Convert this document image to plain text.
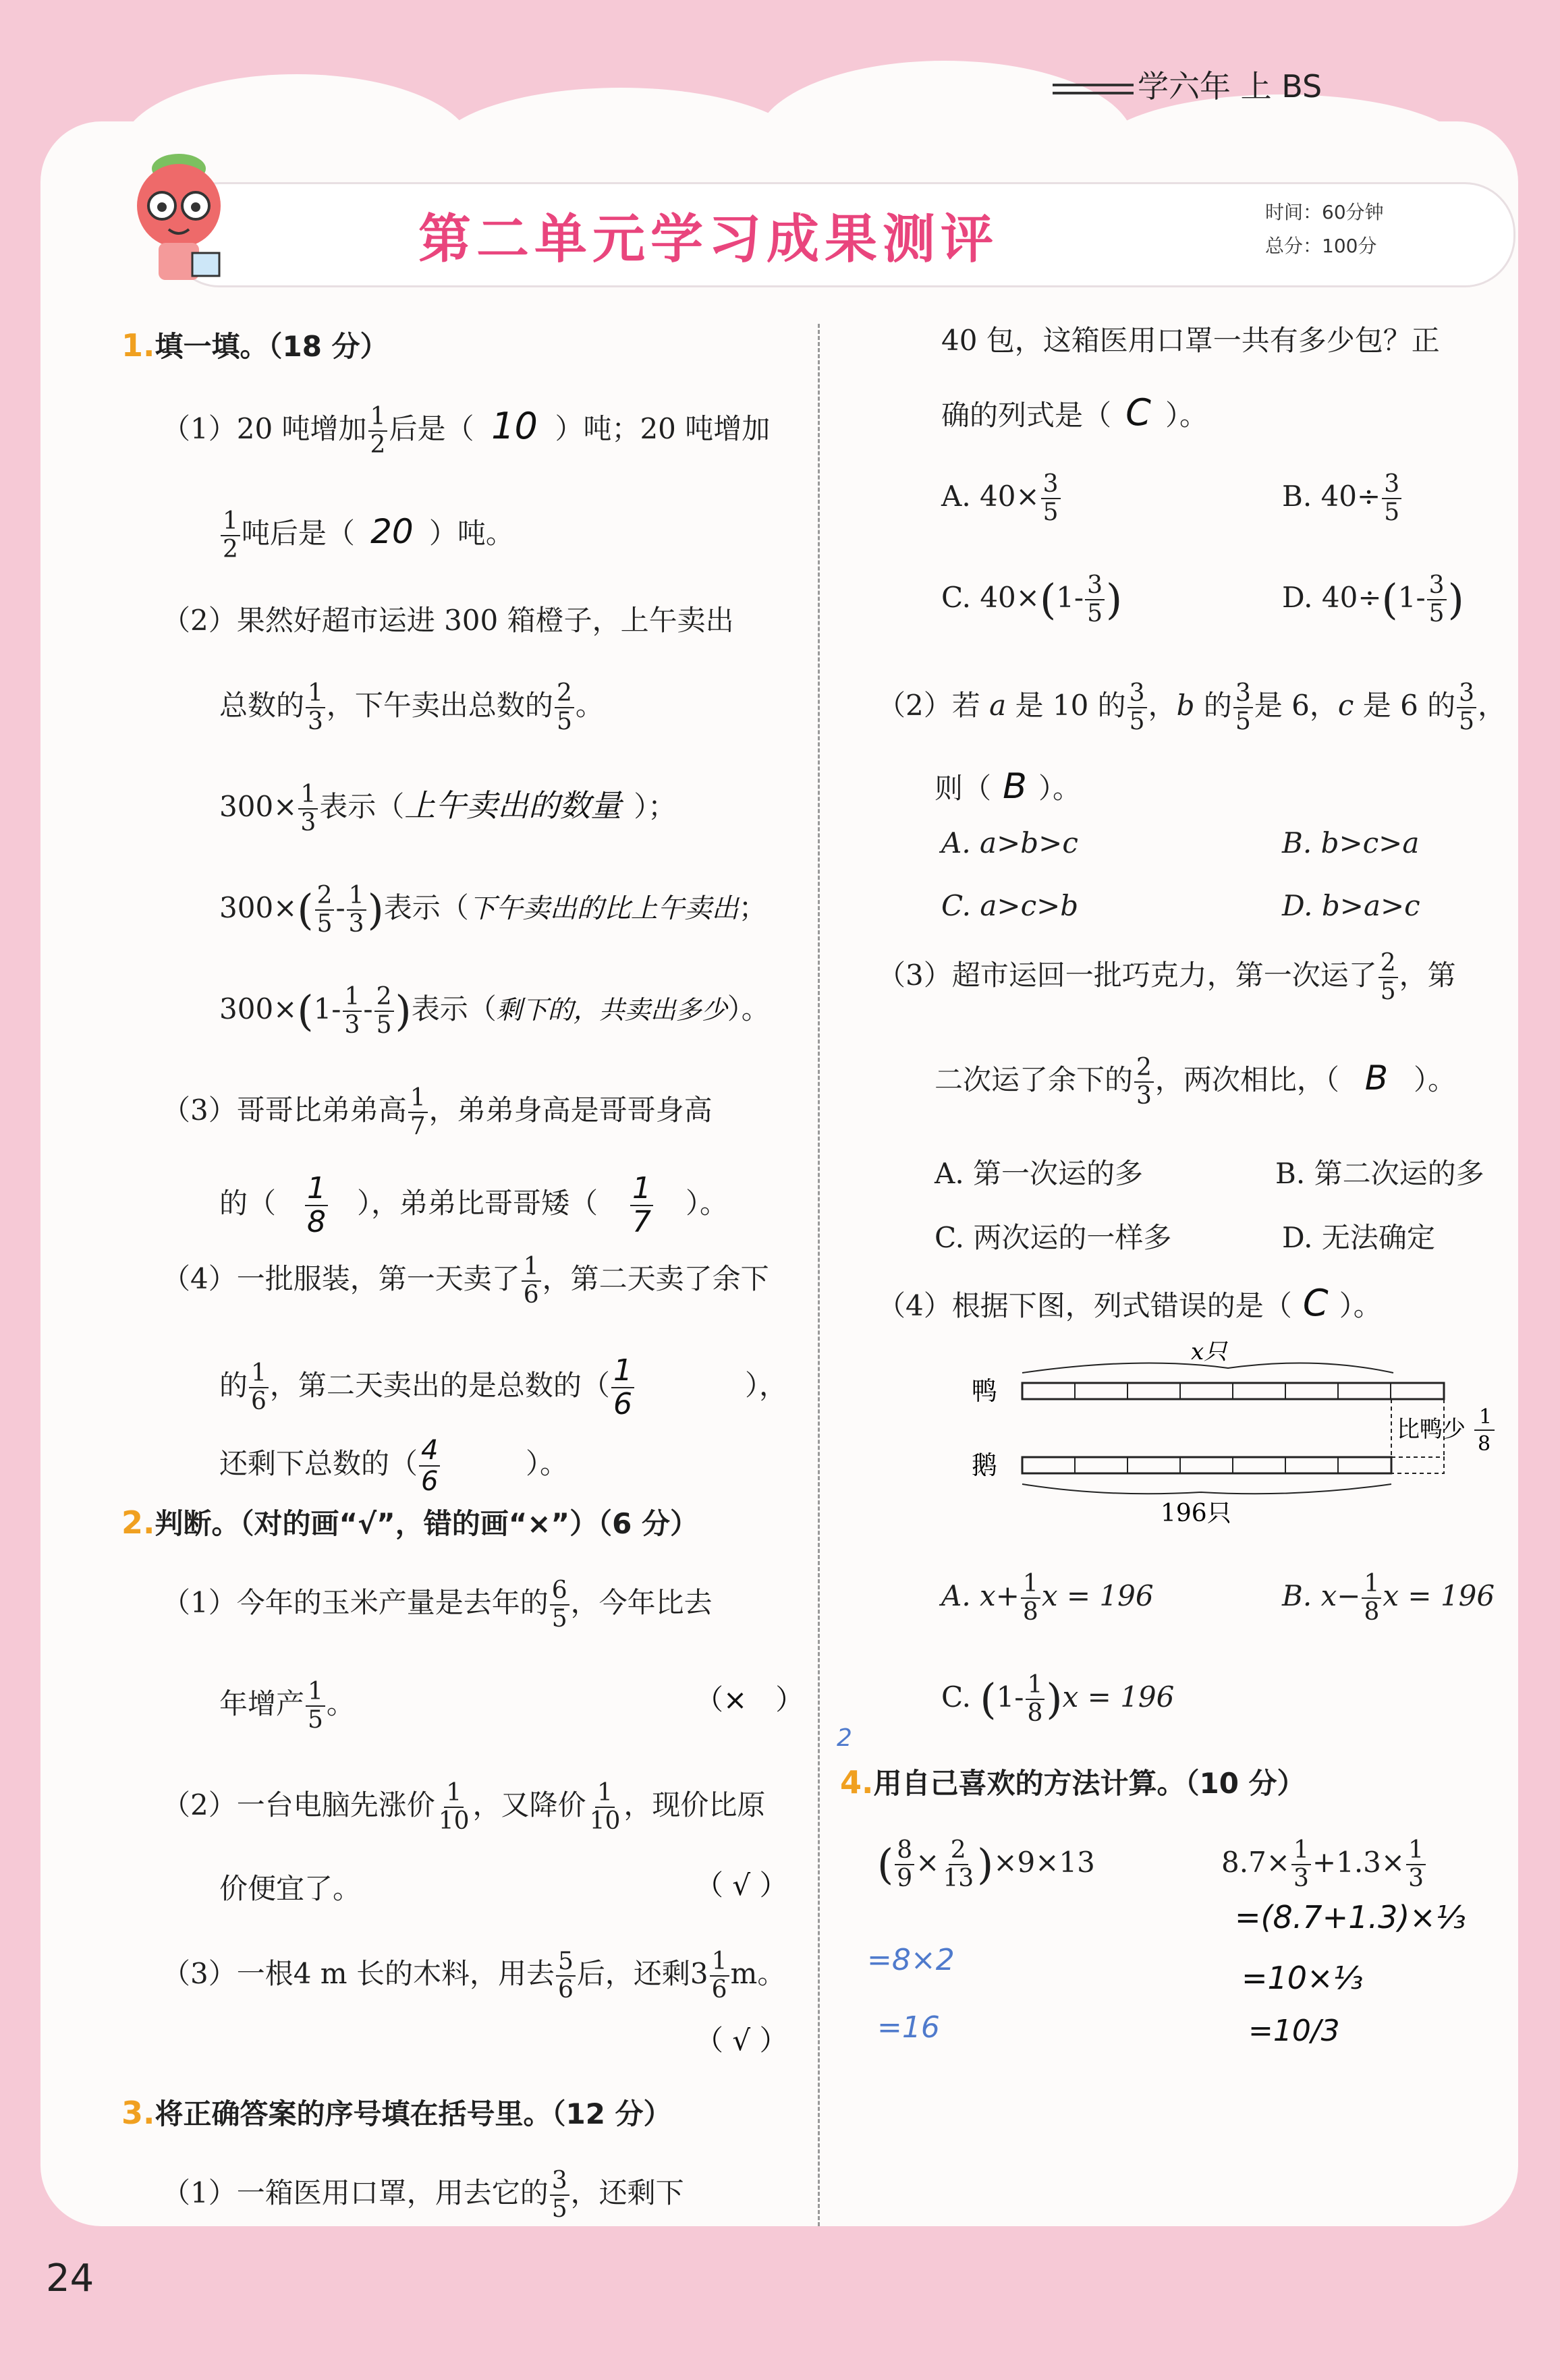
学六年 上 BS
第二单元学习成果测评	时间：60分钟
总分：100分
1.填一填。（18 分）
（1）20 吨增加 $\frac{1}{2}$ 后是（ 10 ）吨；20 吨增加
$\frac{1}{2}$ 吨后是（ 20 ）吨。
（2）果然好超市运进 300 箱橙子，上午卖出
总数的 $\frac{1}{3}$ ，下午卖出总数的 $\frac{2}{5}$ 。
$300\times \frac{1}{3}$ 表示（上午卖出的数量 ）；
$300\times( \frac{2}{5} - \frac{1}{3}$ )表示（下午卖出的比上午卖出；
$300\times(1- \frac{1}{3} - \frac{2}{5}$ )表示（剩下的，共卖出多少）。
（3）哥哥比弟弟高 $\frac{1}{7}$ ，弟弟身高是哥哥身高
的（ $\frac{1}{8}$ ），弟弟比哥哥矮（ $\frac{1}{7}$ ）。
（4）一批服装，第一天卖了 $\frac{1}{6}$ ，第二天卖了余下
的 $\frac{1}{6}$ ，第二天卖出的是总数的（ $\frac{1}{6}$	），
还剩下总数的（ $\frac{4}{6}$	）。
2.判断。（对的画“√”，错的画“×”）（6 分）
（1）今年的玉米产量是去年的 $\frac{6}{5}$ ，今年比去
年增产 $\frac{1}{5}$ 。	（×　）
（2）一台电脑先涨价 $\frac{1}{10}$ ，又降价 $\frac{1}{10}$ ，现价比原
价便宜了。	（ √ ）
（3）一根4 m 长的木料，用去 $\frac{5}{6}$ 后，还剩$3 \frac{1}{6}$ m。
（ √ ）
3.将正确答案的序号填在括号里。（12 分）
（1）一箱医用口罩，用去它的 $\frac{3}{5}$ ，还剩下
24
40 包，这箱医用口罩一共有多少包？正
确的列式是（ C ）。
A. $40\times \frac{3}{5}$	B. $40\div \frac{3}{5}$
C. $40\times(1- \frac{3}{5}$ )	D. $40\div(1- \frac{3}{5}$ )
（2）若 a 是 10 的 $\frac{3}{5}$ ，b 的 $\frac{3}{5}$ 是 6，c 是 6 的 $\frac{3}{5}$ ，
则（ B ）。
A. a>b>c	B. b>c>a
C. a>c>b	D. b>a>c
（3）超市运回一批巧克力，第一次运了 $\frac{2}{5}$ ，第
二次运了余下的 $\frac{2}{3}$ ，两次相比，（ B ）。
A. 第一次运的多	B. 第二次运的多
C. 两次运的一样多	D. 无法确定
（4）根据下图，列式错误的是（ C ）。
鸭
鹅
x只
比鸭少 1
8
196只
A. $x+ \frac{1}{8}$ x = 196	B. $x- \frac{1}{8}$ x = 196
C. $(1- \frac{1}{8} )x = 196$
2
4.用自己喜欢的方法计算。（10 分）
( $\frac{8}{9} \times \frac{2}{13} )\times 9\times 13$	$8.7\times \frac{1}{3} +1.3\times \frac{1}{3}$
=8×2
=16
=(8.7+1.3)×⅓
=10×⅓
=10/3
